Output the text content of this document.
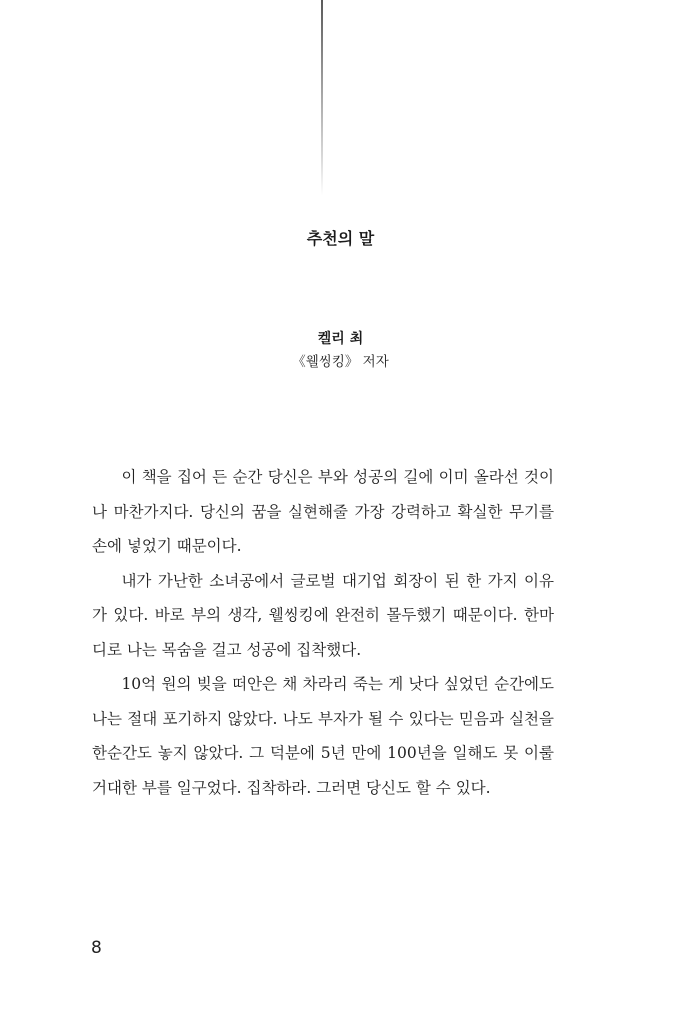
추천의 말
켈리 최
《웰씽킹》 저자

이 책을 집어 든 순간 당신은 부와 성공의 길에 이미 올라선 것이나 마찬가지다. 당신의 꿈을 실현해줄 가장 강력하고 확실한 무기를 손에 넣었기 때문이다.

내가 가난한 소녀공에서 글로벌 대기업 회장이 된 한 가지 이유가 있다. 바로 부의 생각, 웰씽킹에 완전히 몰두했기 때문이다. 한마디로 나는 목숨을 걸고 성공에 집착했다.

10억 원의 빚을 떠안은 채 차라리 죽는 게 낫다 싶었던 순간에도 나는 절대 포기하지 않았다. 나도 부자가 될 수 있다는 믿음과 실천을 한순간도 놓지 않았다. 그 덕분에 5년 만에 100년을 일해도 못 이룰 거대한 부를 일구었다. 집착하라. 그러면 당신도 할 수 있다.

8
